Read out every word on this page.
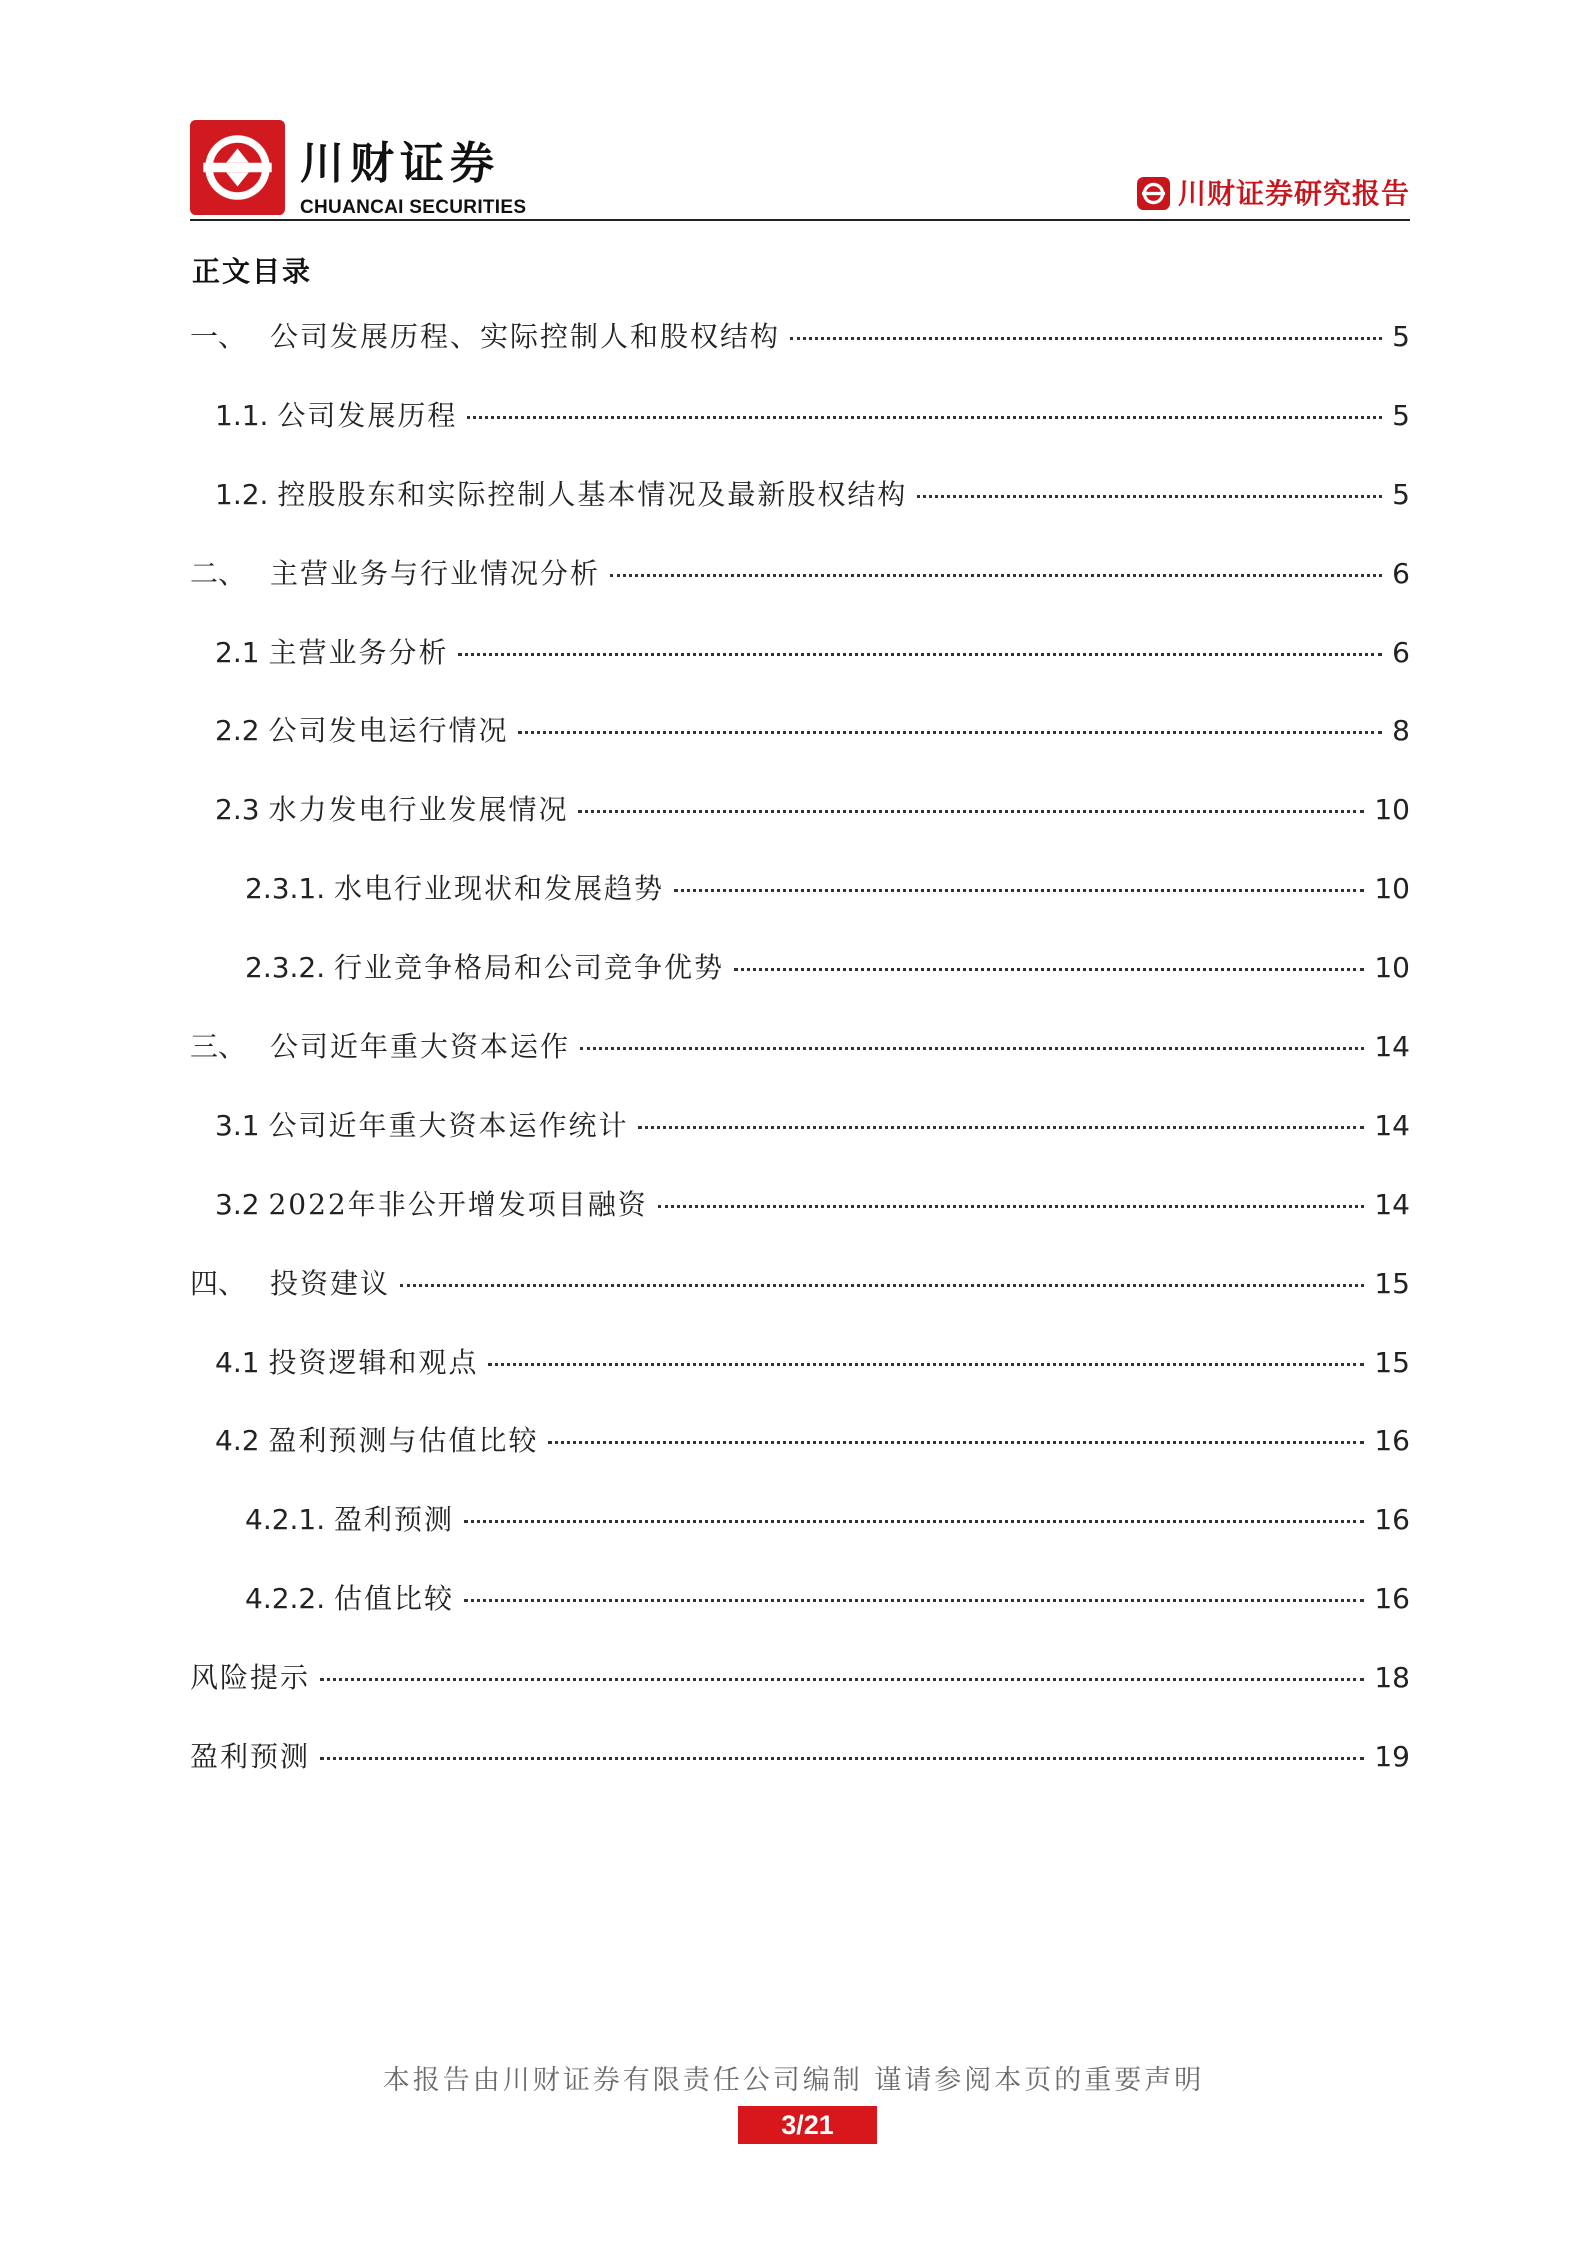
川财证券
CHUANCAI SECURITIES	川财证券研究报告
正文目录
一、 公司发展历程、实际控制人和股权结构	5
1.1. 公司发展历程	5
1.2. 控股股东和实际控制人基本情况及最新股权结构	5
二、 主营业务与行业情况分析	6
2.1 主营业务分析	6
2.2 公司发电运行情况	8
2.3 水力发电行业发展情况	10
2.3.1. 水电行业现状和发展趋势	10
2.3.2. 行业竞争格局和公司竞争优势	10
三、 公司近年重大资本运作	14
3.1 公司近年重大资本运作统计	14
3.2 2022年非公开增发项目融资	14
四、 投资建议	15
4.1 投资逻辑和观点	15
4.2 盈利预测与估值比较	16
4.2.1. 盈利预测	16
4.2.2. 估值比较	16
风险提示	18
盈利预测	19
本报告由川财证券有限责任公司编制 谨请参阅本页的重要声明
3/21
